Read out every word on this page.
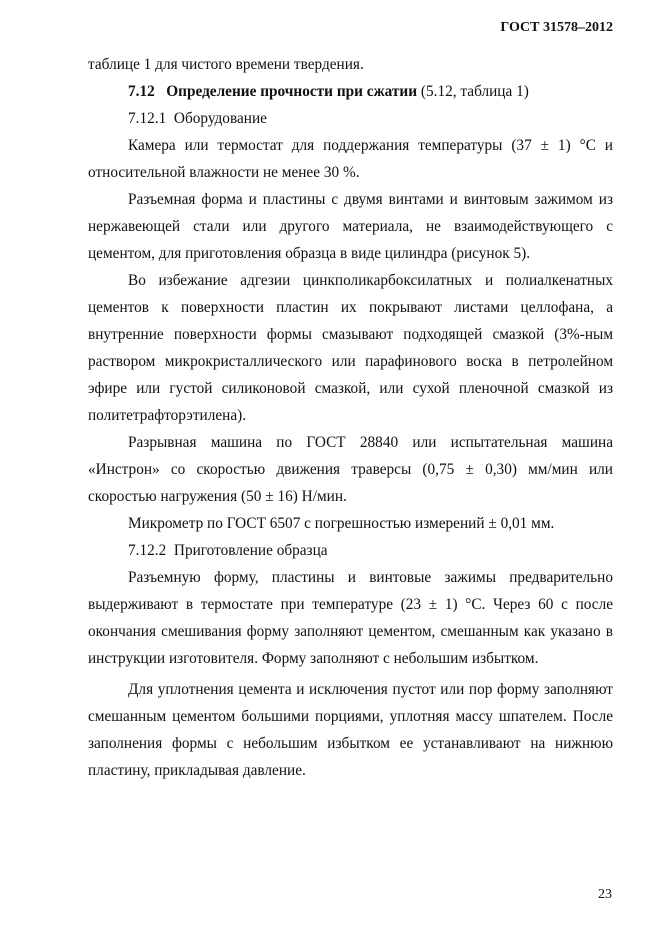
ГОСТ 31578–2012

таблице 1 для чистого времени твердения.

7.12 Определение прочности при сжатии (5.12, таблица 1)

7.12.1 Оборудование

Камера или термостат для поддержания температуры (37 ± 1) °С и относительной влажности не менее 30 %.

Разъемная форма и пластины с двумя винтами и винтовым зажимом из нержавеющей стали или другого материала, не взаимодействующего с цементом, для приготовления образца в виде цилиндра (рисунок 5).

Во избежание адгезии цинкполикарбоксилатных и полиалкенатных цементов к поверхности пластин их покрывают листами целлофана, а внутренние поверхности формы смазывают подходящей смазкой (3%-ным раствором микрокристаллического или парафинового воска в петролейном эфире или густой силиконовой смазкой, или сухой пленочной смазкой из политетрафторэтилена).

Разрывная машина по ГОСТ 28840 или испытательная машина «Инстрон» со скоростью движения траверсы (0,75 ± 0,30) мм/мин или скоростью нагружения (50 ± 16) Н/мин.

Микрометр по ГОСТ 6507 с погрешностью измерений ± 0,01 мм.

7.12.2 Приготовление образца

Разъемную форму, пластины и винтовые зажимы предварительно выдерживают в термостате при температуре (23 ± 1) °С. Через 60 с после окончания смешивания форму заполняют цементом, смешанным как указано в инструкции изготовителя. Форму заполняют с небольшим избытком.

Для уплотнения цемента и исключения пустот или пор форму заполняют смешанным цементом большими порциями, уплотняя массу шпателем. После заполнения формы с небольшим избытком ее устанавливают на нижнюю пластину, прикладывая давление.

23
